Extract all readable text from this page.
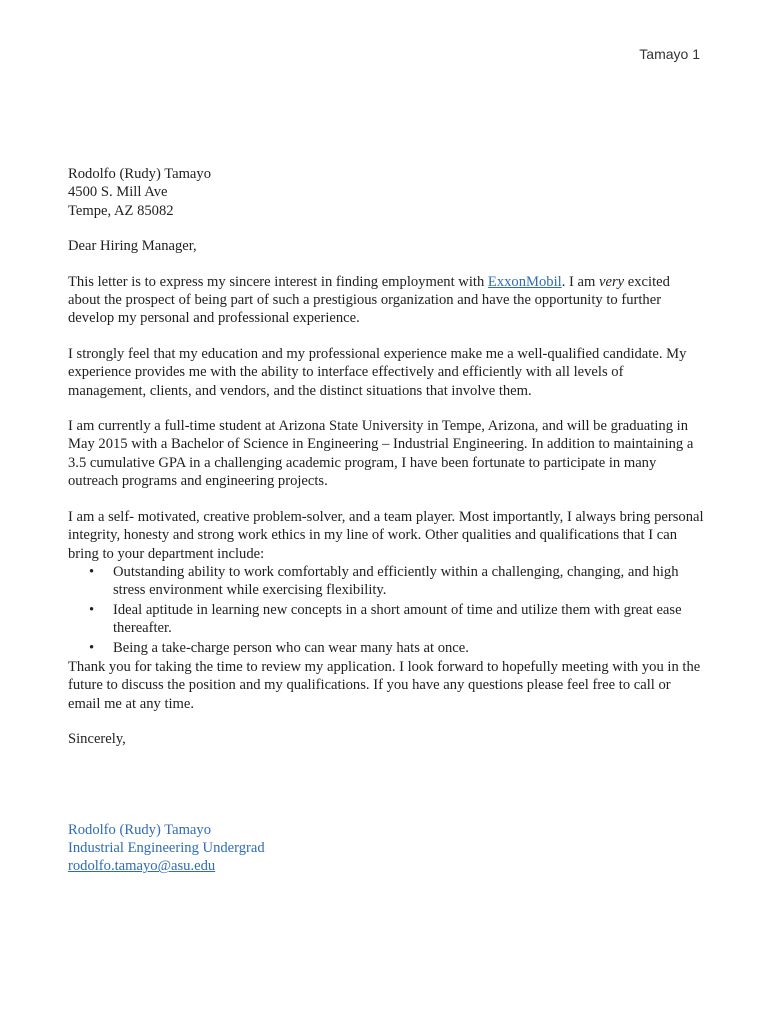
Tamayo 1

Rodolfo (Rudy) Tamayo

4500 S. Mill Ave

Tempe, AZ 85082

Dear Hiring Manager,

This letter is to express my sincere interest in finding employment with ExxonMobil. I am very excited about the prospect of being part of such a prestigious organization and have the opportunity to further develop my personal and professional experience.

I strongly feel that my education and my professional experience make me a well-qualified candidate. My experience provides me with the ability to interface effectively and efficiently with all levels of management, clients, and vendors, and the distinct situations that involve them.

I am currently a full-time student at Arizona State University in Tempe, Arizona, and will be graduating in May 2015 with a Bachelor of Science in Engineering – Industrial Engineering. In addition to maintaining a 3.5 cumulative GPA in a challenging academic program, I have been fortunate to participate in many outreach programs and engineering projects.

I am a self- motivated, creative problem-solver, and a team player. Most importantly, I always bring personal integrity, honesty and strong work ethics in my line of work. Other qualities and qualifications that I can bring to your department include:

• Outstanding ability to work comfortably and efficiently within a challenging, changing, and high stress environment while exercising flexibility.
• Ideal aptitude in learning new concepts in a short amount of time and utilize them with great ease thereafter.
• Being a take-charge person who can wear many hats at once.

Thank you for taking the time to review my application. I look forward to hopefully meeting with you in the future to discuss the position and my qualifications. If you have any questions please feel free to call or email me at any time.

Sincerely,

Rodolfo (Rudy) Tamayo

Industrial Engineering Undergrad

rodolfo.tamayo@asu.edu
